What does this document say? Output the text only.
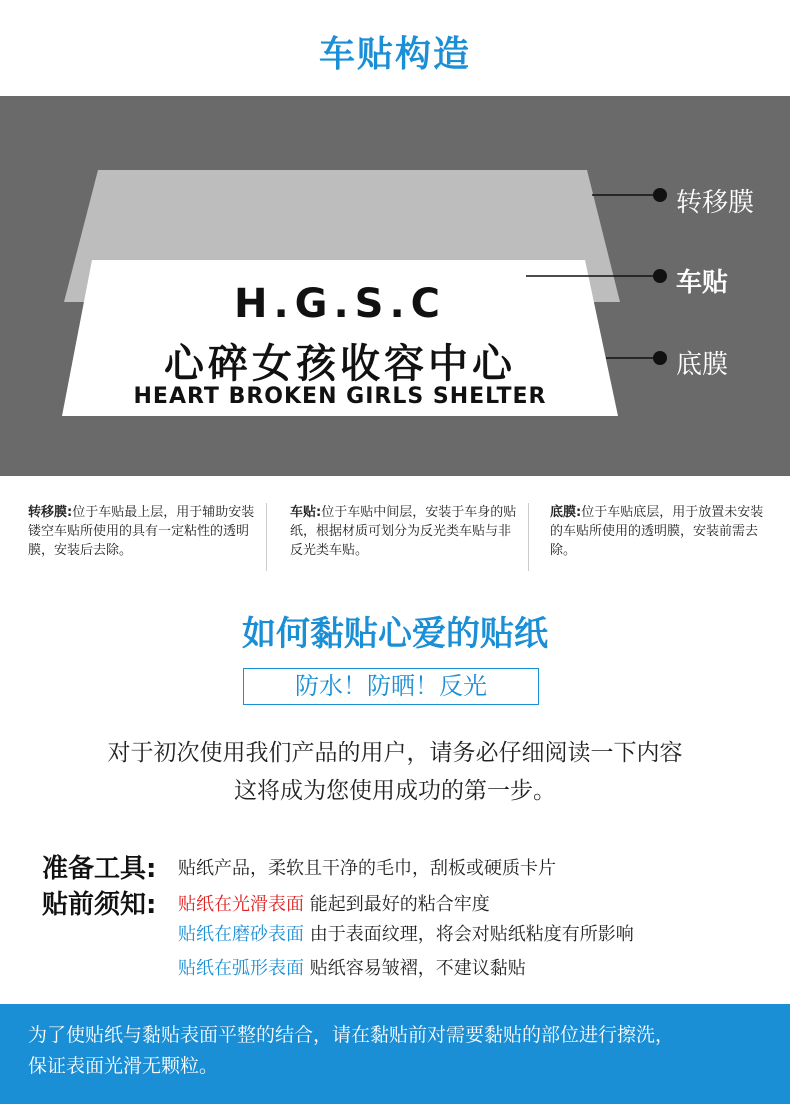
车贴构造
H.G.S.C
心碎女孩收容中心
HEART BROKEN GIRLS SHELTER
转移膜
车贴
底膜
转移膜:位于车贴最上层，用于辅助安装镂空车贴所使用的具有一定粘性的透明膜，安装后去除。
车贴:位于车贴中间层，安装于车身的贴纸，根据材质可划分为反光类车贴与非反光类车贴。
底膜:位于车贴底层，用于放置未安装的车贴所使用的透明膜，安装前需去除。
如何黏贴心爱的贴纸
防水！防晒！反光
对于初次使用我们产品的用户，请务必仔细阅读一下内容
这将成为您使用成功的第一步。
准备工具: 贴纸产品，柔软且干净的毛巾，刮板或硬质卡片
贴前须知: 贴纸在光滑表面 能起到最好的粘合牢度
贴纸在磨砂表面 由于表面纹理，将会对贴纸粘度有所影响
贴纸在弧形表面 贴纸容易皱褶，不建议黏贴
为了使贴纸与黏贴表面平整的结合，请在黏贴前对需要黏贴的部位进行擦洗，
保证表面光滑无颗粒。
